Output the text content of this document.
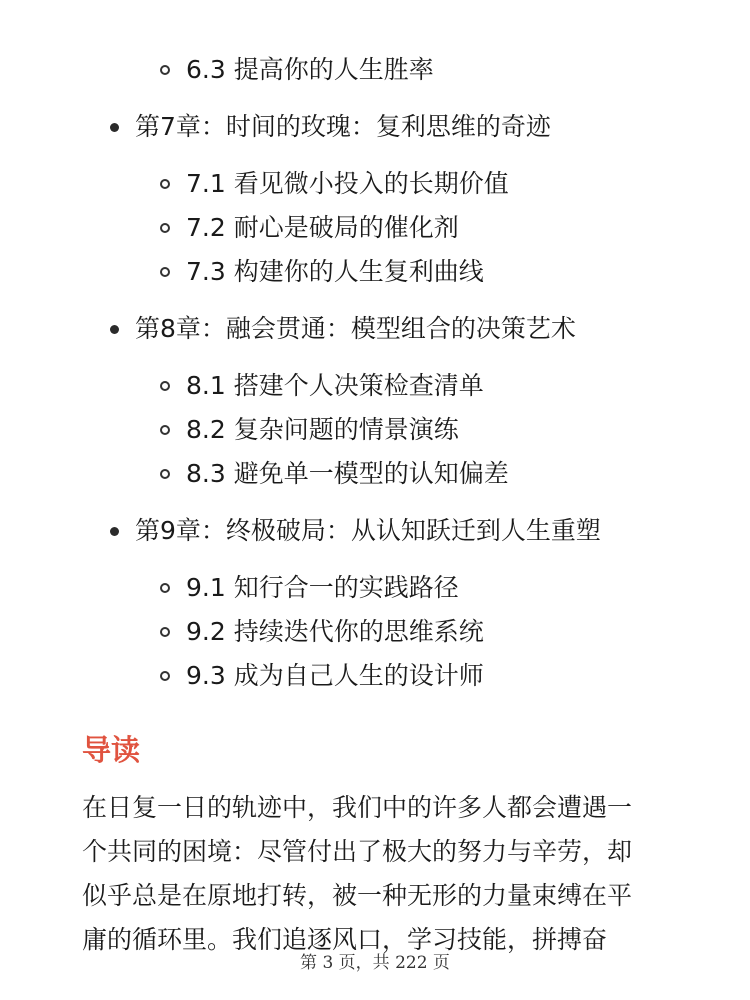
6.3 提高你的人生胜率
第7章：时间的玫瑰：复利思维的奇迹
7.1 看见微小投入的长期价值
7.2 耐心是破局的催化剂
7.3 构建你的人生复利曲线
第8章：融会贯通：模型组合的决策艺术
8.1 搭建个人决策检查清单
8.2 复杂问题的情景演练
8.3 避免单一模型的认知偏差
第9章：终极破局：从认知跃迁到人生重塑
9.1 知行合一的实践路径
9.2 持续迭代你的思维系统
9.3 成为自己人生的设计师
导读
在日复一日的轨迹中，我们中的许多人都会遭遇一
个共同的困境：尽管付出了极大的努力与辛劳，却
似乎总是在原地打转，被一种无形的力量束缚在平
庸的循环里。我们追逐风口，学习技能，拼搏奋
第 3 页，共 222 页
